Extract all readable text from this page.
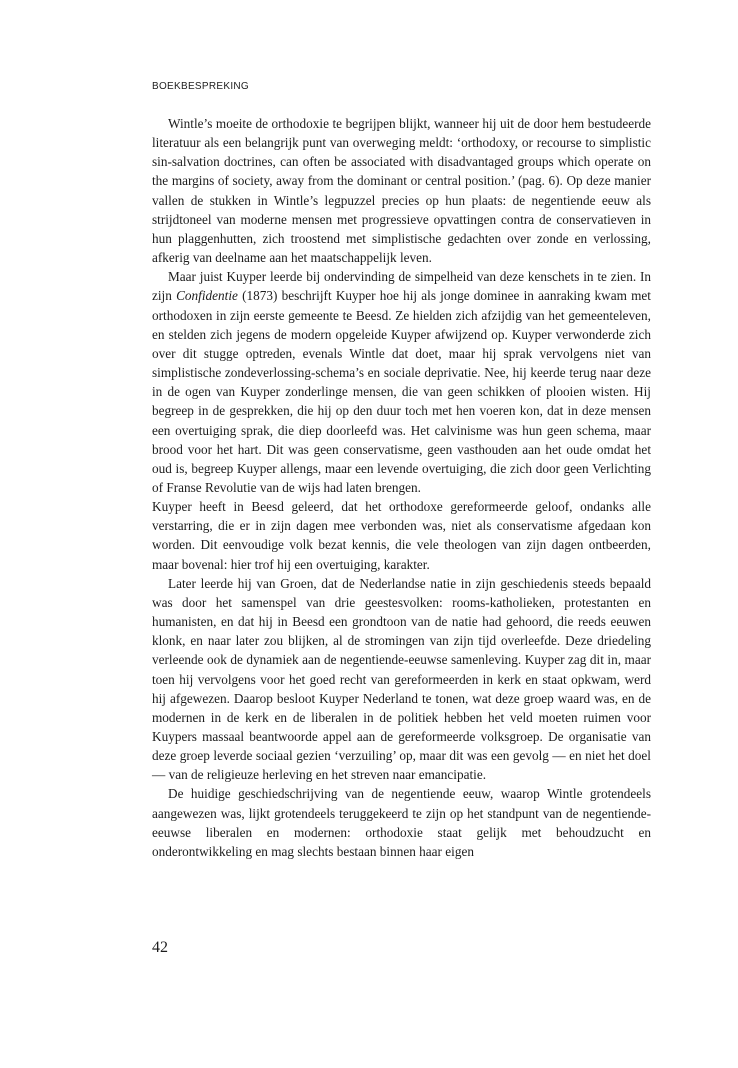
BOEKBESPREKING

Wintle’s moeite de orthodoxie te begrijpen blijkt, wanneer hij uit de door hem bestudeerde literatuur als een belangrijk punt van overweging meldt: ‘orthodoxy, or recourse to simplistic sin-salvation doctrines, can often be associated with disadvantaged groups which operate on the margins of society, away from the dominant or central position.’ (pag. 6). Op deze manier vallen de stukken in Wintle’s legpuzzel precies op hun plaats: de negentiende eeuw als strijdtoneel van moderne mensen met progressieve opvattingen contra de conservatieven in hun plaggenhutten, zich troostend met simplistische gedachten over zonde en verlossing, afkerig van deelname aan het maatschappelijk leven.

Maar juist Kuyper leerde bij ondervinding de simpelheid van deze kenschets in te zien. In zijn Confidentie (1873) beschrijft Kuyper hoe hij als jonge dominee in aanraking kwam met orthodoxen in zijn eerste gemeente te Beesd. Ze hielden zich afzijdig van het gemeenteleven, en stelden zich jegens de modern opgeleide Kuyper afwijzend op. Kuyper verwonderde zich over dit stugge optreden, evenals Wintle dat doet, maar hij sprak vervolgens niet van simplistische zondeverlossing-schema’s en sociale deprivatie. Nee, hij keerde terug naar deze in de ogen van Kuyper zonderlinge mensen, die van geen schikken of plooien wisten. Hij begreep in de gesprekken, die hij op den duur toch met hen voeren kon, dat in deze mensen een overtuiging sprak, die diep doorleefd was. Het calvinisme was hun geen schema, maar brood voor het hart. Dit was geen conservatisme, geen vasthouden aan het oude omdat het oud is, begreep Kuyper allengs, maar een levende overtuiging, die zich door geen Verlichting of Franse Revolutie van de wijs had laten brengen.

Kuyper heeft in Beesd geleerd, dat het orthodoxe gereformeerde geloof, ondanks alle verstarring, die er in zijn dagen mee verbonden was, niet als conservatisme afgedaan kon worden. Dit eenvoudige volk bezat kennis, die vele theologen van zijn dagen ontbeerden, maar bovenal: hier trof hij een overtuiging, karakter.

Later leerde hij van Groen, dat de Nederlandse natie in zijn geschiedenis steeds bepaald was door het samenspel van drie geestesvolken: rooms-katholieken, protestanten en humanisten, en dat hij in Beesd een grondtoon van de natie had gehoord, die reeds eeuwen klonk, en naar later zou blijken, al de stromingen van zijn tijd overleefde. Deze driedeling verleende ook de dynamiek aan de negentiende-eeuwse samenleving. Kuyper zag dit in, maar toen hij vervolgens voor het goed recht van gereformeerden in kerk en staat opkwam, werd hij afgewezen. Daarop besloot Kuyper Nederland te tonen, wat deze groep waard was, en de modernen in de kerk en de liberalen in de politiek hebben het veld moeten ruimen voor Kuypers massaal beantwoorde appel aan de gereformeerde volksgroep. De organisatie van deze groep leverde sociaal gezien ‘verzuiling’ op, maar dit was een gevolg — en niet het doel — van de religieuze herleving en het streven naar emancipatie.

De huidige geschiedschrijving van de negentiende eeuw, waarop Wintle grotendeels aangewezen was, lijkt grotendeels teruggekeerd te zijn op het standpunt van de negentiende-eeuwse liberalen en modernen: orthodoxie staat gelijk met behoudzucht en onderontwikkeling en mag slechts bestaan binnen haar eigen

42
